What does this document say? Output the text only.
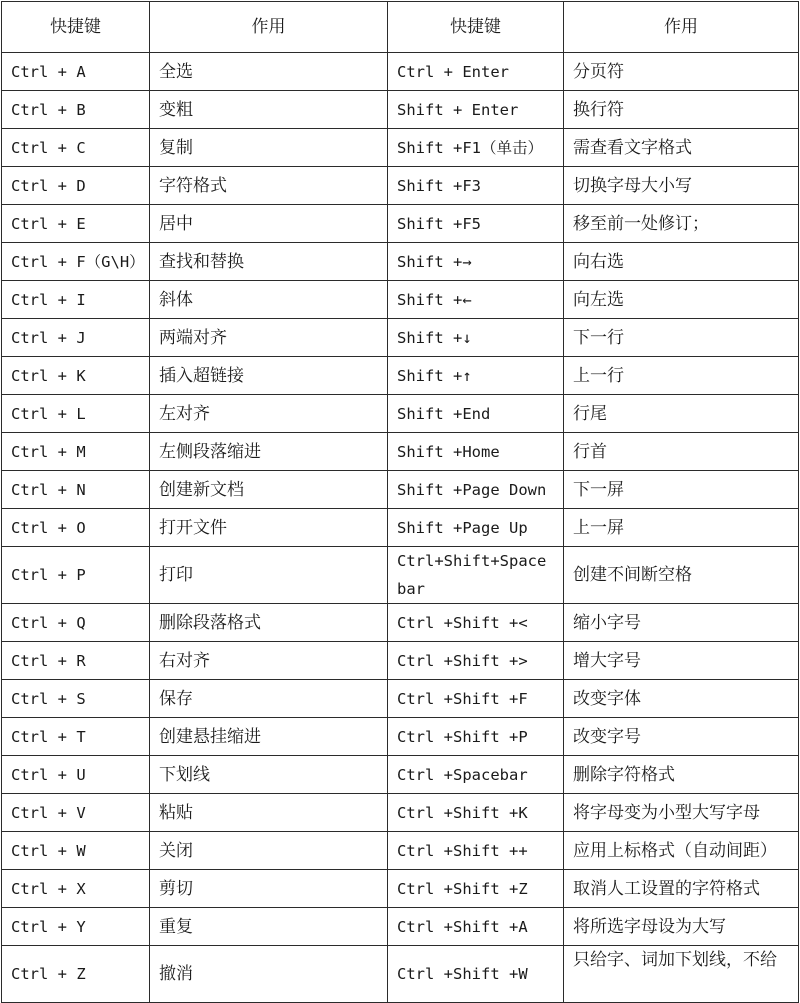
快捷键	作用	快捷键	作用
Ctrl + A	全选	Ctrl + Enter	分页符
Ctrl + B	变粗	Shift + Enter	换行符
Ctrl + C	复制	Shift +F1（单击）	需查看文字格式
Ctrl + D	字符格式	Shift +F3	切换字母大小写
Ctrl + E	居中	Shift +F5	移至前一处修订；
Ctrl + F（G\H）	查找和替换	Shift +→	向右选
Ctrl + I	斜体	Shift +←	向左选
Ctrl + J	两端对齐	Shift +↓	下一行
Ctrl + K	插入超链接	Shift +↑	上一行
Ctrl + L	左对齐	Shift +End	行尾
Ctrl + M	左侧段落缩进	Shift +Home	行首
Ctrl + N	创建新文档	Shift +Page Down	下一屏
Ctrl + O	打开文件	Shift +Page Up	上一屏
Ctrl + P	打印	Ctrl+Shift+Space bar	创建不间断空格
Ctrl + Q	删除段落格式	Ctrl +Shift +<	缩小字号
Ctrl + R	右对齐	Ctrl +Shift +>	增大字号
Ctrl + S	保存	Ctrl +Shift +F	改变字体
Ctrl + T	创建悬挂缩进	Ctrl +Shift +P	改变字号
Ctrl + U	下划线	Ctrl +Spacebar	删除字符格式
Ctrl + V	粘贴	Ctrl +Shift +K	将字母变为小型大写字母
Ctrl + W	关闭	Ctrl +Shift ++	应用上标格式（自动间距）
Ctrl + X	剪切	Ctrl +Shift +Z	取消人工设置的字符格式
Ctrl + Y	重复	Ctrl +Shift +A	将所选字母设为大写
Ctrl + Z	撤消	Ctrl +Shift +W	只给字、词加下划线，不给
